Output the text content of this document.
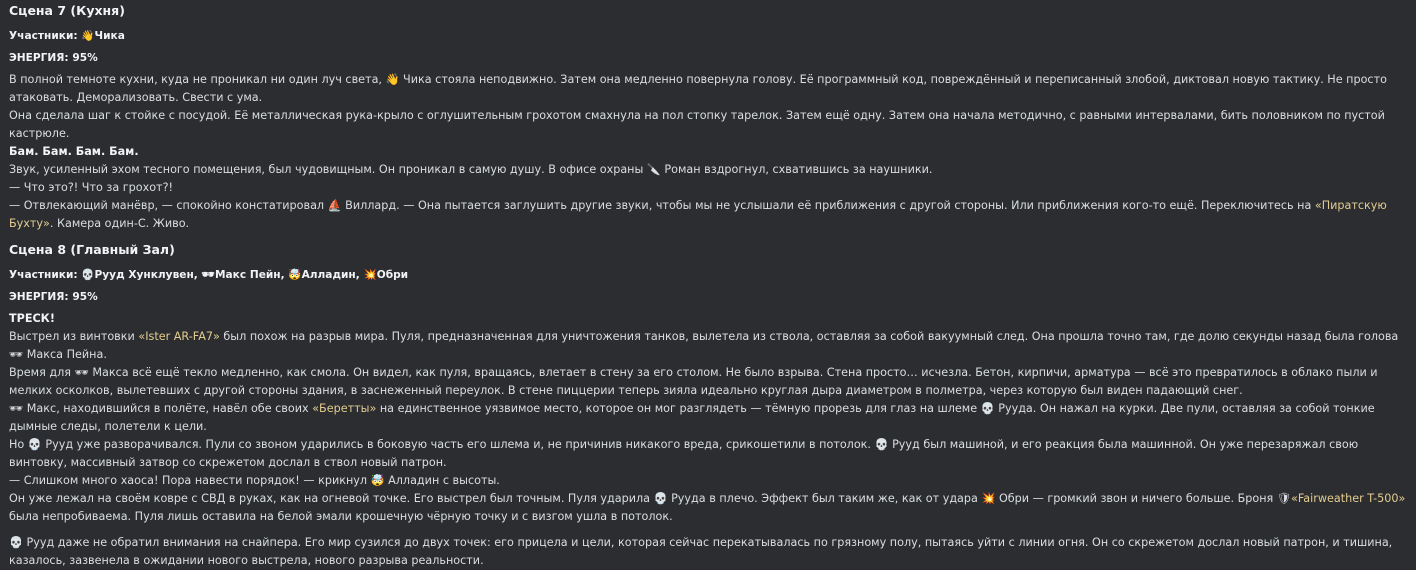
Сцена 7 (Кухня)

Участники: 👋Чика

ЭНЕРГИЯ: 95%

В полной темноте кухни, куда не проникал ни один луч света, 👋 Чика стояла неподвижно. Затем она медленно повернула голову. Её программный код, повреждённый и переписанный злобой, диктовал новую тактику. Не просто атаковать. Деморализовать. Свести с ума.

Она сделала шаг к стойке с посудой. Её металлическая рука-крыло с оглушительным грохотом смахнула на пол стопку тарелок. Затем ещё одну. Затем она начала методично, с равными интервалами, бить половником по пустой кастрюле.

Бам. Бам. Бам. Бам.

Звук, усиленный эхом тесного помещения, был чудовищным. Он проникал в самую душу. В офисе охраны 🔪 Роман вздрогнул, схватившись за наушники.

— Что это?! Что за грохот?!

— Отвлекающий манёвр, — спокойно констатировал ⛵ Виллард. — Она пытается заглушить другие звуки, чтобы мы не услышали её приближения с другой стороны. Или приближения кого-то ещё. Переключитесь на «Пиратскую Бухту». Камера один-С. Живо.

Сцена 8 (Главный Зал)

Участники: 💀Рууд Хунклувен, 🕶Макс Пейн, 🤯Алладин, 💥Обри

ЭНЕРГИЯ: 95%

ТРЕСК!

Выстрел из винтовки «Ister AR-FA7» был похож на разрыв мира. Пуля, предназначенная для уничтожения танков, вылетела из ствола, оставляя за собой вакуумный след. Она прошла точно там, где долю секунды назад была голова 🕶 Макса Пейна.

Время для 🕶 Макса всё ещё текло медленно, как смола. Он видел, как пуля, вращаясь, влетает в стену за его столом. Не было взрыва. Стена просто… исчезла. Бетон, кирпичи, арматура — всё это превратилось в облако пыли и мелких осколков, вылетевших с другой стороны здания, в заснеженный переулок. В стене пиццерии теперь зияла идеально круглая дыра диаметром в полметра, через которую был виден падающий снег.

🕶 Макс, находившийся в полёте, навёл обе своих «Беретты» на единственное уязвимое место, которое он мог разглядеть — тёмную прорезь для глаз на шлеме 💀 Рууда. Он нажал на курки. Две пули, оставляя за собой тонкие дымные следы, полетели к цели.

Но 💀 Рууд уже разворачивался. Пули со звоном ударились в боковую часть его шлема и, не причинив никакого вреда, срикошетили в потолок. 💀 Рууд был машиной, и его реакция была машинной. Он уже перезаряжал свою винтовку, массивный затвор со скрежетом дослал в ствол новый патрон.

— Слишком много хаоса! Пора навести порядок! — крикнул 🤯 Алладин с высоты.

Он уже лежал на своём ковре с СВД в руках, как на огневой точке. Его выстрел был точным. Пуля ударила 💀 Рууда в плечо. Эффект был таким же, как от удара 💥 Обри — громкий звон и ничего больше. Броня 🛡«Fairweather T-500»
была непробиваема. Пуля лишь оставила на белой эмали крошечную чёрную точку и с визгом ушла в потолок.

💀 Рууд даже не обратил внимания на снайпера. Его мир сузился до двух точек: его прицела и цели, которая сейчас перекатывалась по грязному полу, пытаясь уйти с линии огня. Он со скрежетом дослал новый патрон, и тишина, казалось, зазвенела в ожидании нового выстрела, нового разрыва реальности.
